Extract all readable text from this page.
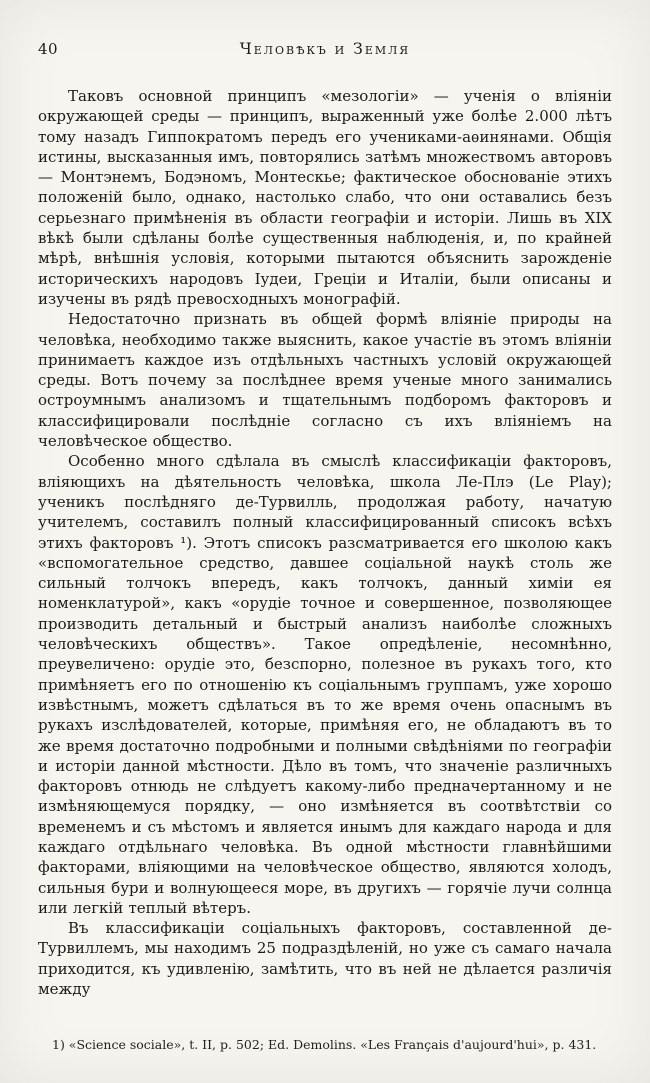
40	Человѣкъ и Земля

Таковъ основной принципъ «мезологіи» — ученія о вліяніи окружающей среды — принципъ, выраженный уже болѣе 2.000 лѣтъ тому назадъ Гиппократомъ передъ его учениками-аѳинянами. Общія истины, высказанныя имъ, повторялись затѣмъ множествомъ авторовъ — Монтэнемъ, Бодэномъ, Монтескье; фактическое обоснованіе этихъ положеній было, однако, настолько слабо, что они оставались безъ серьезнаго примѣненія въ области географіи и исторіи. Лишь въ XIX вѣкѣ были сдѣланы болѣе существенныя наблюденія, и, по крайней мѣрѣ, внѣшнія условія, которыми пытаются объяснить зарожденіе историческихъ народовъ Іудеи, Греціи и Италіи, были описаны и изучены въ рядѣ превосходныхъ монографій.

Недостаточно признать въ общей формѣ вліяніе природы на человѣка, необходимо также выяснить, какое участіе въ этомъ вліяніи принимаетъ каждое изъ отдѣльныхъ частныхъ условій окружающей среды. Вотъ почему за послѣднее время ученые много занимались остроумнымъ анализомъ и тщательнымъ подборомъ факторовъ и классифицировали послѣдніе согласно съ ихъ вліяніемъ на человѣческое общество.

Особенно много сдѣлала въ смыслѣ классификаціи факторовъ, вліяющихъ на дѣятельность человѣка, школа Ле-Плэ (Le Play); ученикъ послѣдняго де-Турвилль, продолжая работу, начатую учителемъ, составилъ полный классифицированный списокъ всѣхъ этихъ факторовъ ¹). Этотъ списокъ разсматривается его школою какъ «вспомогательное средство, давшее соціальной наукѣ столь же сильный толчокъ впередъ, какъ толчокъ, данный химіи ея номенклатурой», какъ «орудіе точное и совершенное, позволяющее производить детальный и быстрый анализъ наиболѣе сложныхъ человѣческихъ обществъ». Такое опредѣленіе, несомнѣнно, преувеличено: орудіе это, безспорно, полезное въ рукахъ того, кто примѣняетъ его по отношенію къ соціальнымъ группамъ, уже хорошо извѣстнымъ, можетъ сдѣлаться въ то же время очень опаснымъ въ рукахъ изслѣдователей, которые, примѣняя его, не обладаютъ въ то же время достаточно подробными и полными свѣдѣніями по географіи и исторіи данной мѣстности. Дѣло въ томъ, что значеніе различныхъ факторовъ отнюдь не слѣдуетъ какому-либо предначертанному и не измѣняющемуся порядку, — оно измѣняется въ соотвѣтствіи со временемъ и съ мѣстомъ и является инымъ для каждаго народа и для каждаго отдѣльнаго человѣка. Въ одной мѣстности главнѣйшими факторами, вліяющими на человѣческое общество, являются холодъ, сильныя бури и волнующееся море, въ другихъ — горячіе лучи солнца или легкій теплый вѣтеръ.

Въ классификаціи соціальныхъ факторовъ, составленной де-Турвиллемъ, мы находимъ 25 подраздѣленій, но уже съ самаго начала приходится, къ удивленію, замѣтить, что въ ней не дѣлается различія между

1) «Science sociale», t. II, p. 502; Ed. Demolins. «Les Français d'aujourd'hui», p. 431.
